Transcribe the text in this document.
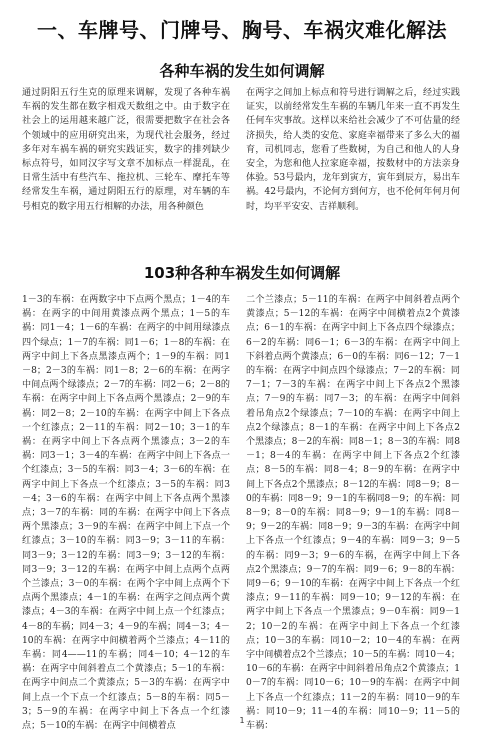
一、车牌号、门牌号、胸号、车祸灾难化解法
各种车祸的发生如何调解
通过阴阳五行生克的原理来调解，发现了各种车祸车祸的发生都在数字相戏天数组之中。由于数字在社会上的运用越来越广泛，很需要把数字在社会各个领域中的应用研究出来，为现代社会服务，经过多年对车祸车祸的研究实践证实，数字的排列缺少标点符号，如同汉字写文章不加标点一样混乱，在日常生活中有些汽车、拖拉机、三轮车、摩托车等经常发生车祸，通过阴阳五行的原理，对车辆的车号相克的数字用五行相解的办法，用各种颜色
在两字之间加上标点和符号进行调解之后，经过实践证实，以前经常发生车祸的车辆几年来一直不再发生任何车灾事故。这样以来给社会减少了不可估量的经济损失，给人类的安危、家庭幸福带来了多么大的福育，司机同志，您看了些数树，为自己和他人的人身安全，为您和他人拉家庭幸福，按数材中的方法亲身体验。53号最内，龙年到寅方，寅年到辰方，易出车祸。42号最内，不论何方到何方，也不伦何年何月何时，均平平安安、吉祥顺利。
103种各种车祸发生如何调解
1－3的车祸：在两数字中下点两个黑点；1－4的车祸：在两字的中间用黄漆点两个黑点；1－5的车祸：同1－4；1－6的车祸：在两字的中间用绿漆点四个绿点；1－7的车祸：同1－6；1－8的车祸：在两字中间上下各点黑漆点两个；1－9的车祸：同1－8；2－3的车祸：同1－8；2－6的车祸：在两字中间点两个绿漆点；2－7的车祸：同2－6；2－8的车祸：在两字中间上下各点两个黑漆点；2－9的车祸：同2－8；2－10的车祸：在两字中间上下各点一个红漆点；2－11的车祸：同2－10；3－1的车祸：在两字中间上下各点两个黑漆点；3－2的车祸：同3－1；3－4的车祸：在两字中间上下各点一个红漆点；3－5的车祸：同3－4；3－6的车祸：在两字中间上下各点一个红漆点；3－5的车祸：同3－4；3－6的车祸：在两字中间上下各点两个黑漆点；3－7的车祸：同的车祸：在两字中间上下各点两个黑漆点；3－9的车祸：在两字中间上下点一个红漆点；3－10的车祸：同3－9；3－11的车祸：同3－9；3－12的车祸：同3－9；3－12的车祸：同3－9；3－12的车祸：在两字中间上点两个点两个兰漆点；3－0的车祸：在两个字中间上点两个下点两个黑漆点；4－1的车祸：在两字之间点两个黄漆点；4－3的车祸：在两字中间上点一个红漆点；4－8的车祸；同4－3；4－9的车祸；同4－3；4－10的车祸：在两字中间横着两个兰漆点；4－11的车祸：同4——11的车祸；同4－10；4－12的车祸：在两字中间斜着点二个黄漆点；5－1的车祸：在两字中间点二个黄漆点；5－3的车祸：在两字中间上点一个下点一个红漆点；5－8的车祸：同5－3；5－9的车祸：在两字中间上下各点一个红漆点；5－10的车祸：在两字中间横着点
二个兰漆点；5－11的车祸：在两字中间斜着点两个黄漆点；5－12的车祸：在两字中间横着点2个黄漆点；6－1的车祸：在两字中间上下各点四个绿漆点；6－2的车祸：同6－1；6－3的车祸：在两字中间上下斜着点两个黄漆点；6－0的车祸：同6－12；7－1的车祸：在两字中间点四个绿漆点；7－2的车祸：同7－1；7－3的车祸：在两字中间上下各点2个黑漆点；7－9的车祸：同7－3；的车祸：在两字中间斜着吊角点2个绿漆点；7－10的车祸：在两字中间上点2个绿漆点；8－1的车祸：在两字中间上下各点2个黑漆点；8－2的车祸：同8－1；8－3的车祸：同8－1；8－4的车祸：在两字中间上下各点2个红漆点；8－5的车祸：同8－4；8－9的车祸：在两字中间上下各点2个黑漆点；8－12的车祸：同8－9；8－0的车祸：同8－9；9－1的车祸同8－9；的车祸：同8－9；8－0的车祸：同8－9；9－1的车祸：同8－9；9－2的车祸：同8－9；9－3的车祸：在两字中间上下各点一个红漆点；9－4的车祸：同9－3；9－5的车祸：同9－3；9－6的车祸，在两字中间上下各点2个黑漆点；9－7的车祸：同9－6；9－8的车祸：同9－6；9－10的车祸：在两字中间上下各点一个红漆点；9－11的车祸：同9－10；9－12的车祸：在两字中间上下各点一个黑漆点；9－0车祸：同9－12；10－2的车祸：在两字中间上下各点一个红漆点；10－3的车祸：同10－2；10－4的车祸：在两字中间横着点2个兰漆点；10－5的车祸：同10－4；10－6的车祸：在两字中间斜着吊角点2个黄漆点；10－7的车祸：同10－6；10－9的车祸：在两字中间上下各点一个红漆点；11－2的车祸：同10－9的车祸：同10－9；11－4的车祸：同10－9；11－5的车祸：
1
